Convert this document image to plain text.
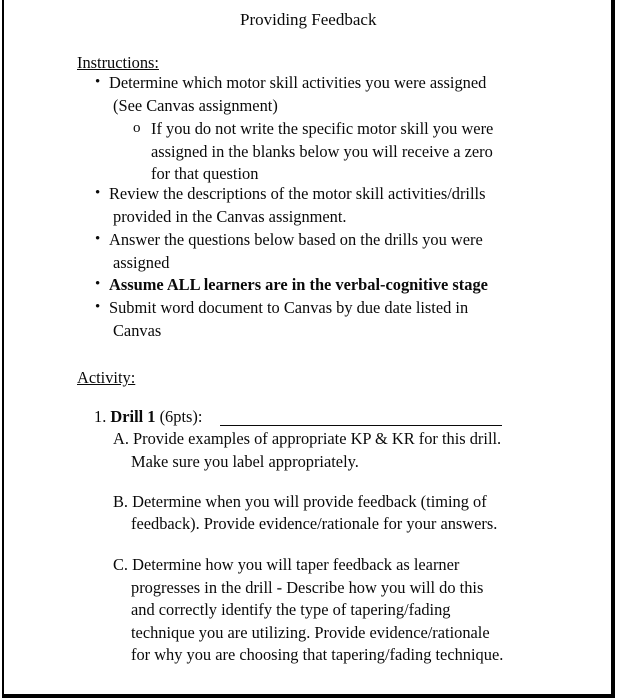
Providing Feedback
Instructions:
• Determine which motor skill activities you were assigned
(See Canvas assignment)
o If you do not write the specific motor skill you were
assigned in the blanks below you will receive a zero
for that question
• Review the descriptions of the motor skill activities/drills
provided in the Canvas assignment.
• Answer the questions below based on the drills you were
assigned
• Assume ALL learners are in the verbal-cognitive stage
• Submit word document to Canvas by due date listed in
Canvas
Activity:
1. Drill 1 (6pts):
A. Provide examples of appropriate KP & KR for this drill.
Make sure you label appropriately.
B. Determine when you will provide feedback (timing of
feedback). Provide evidence/rationale for your answers.
C. Determine how you will taper feedback as learner
progresses in the drill - Describe how you will do this
and correctly identify the type of tapering/fading
technique you are utilizing. Provide evidence/rationale
for why you are choosing that tapering/fading technique.
